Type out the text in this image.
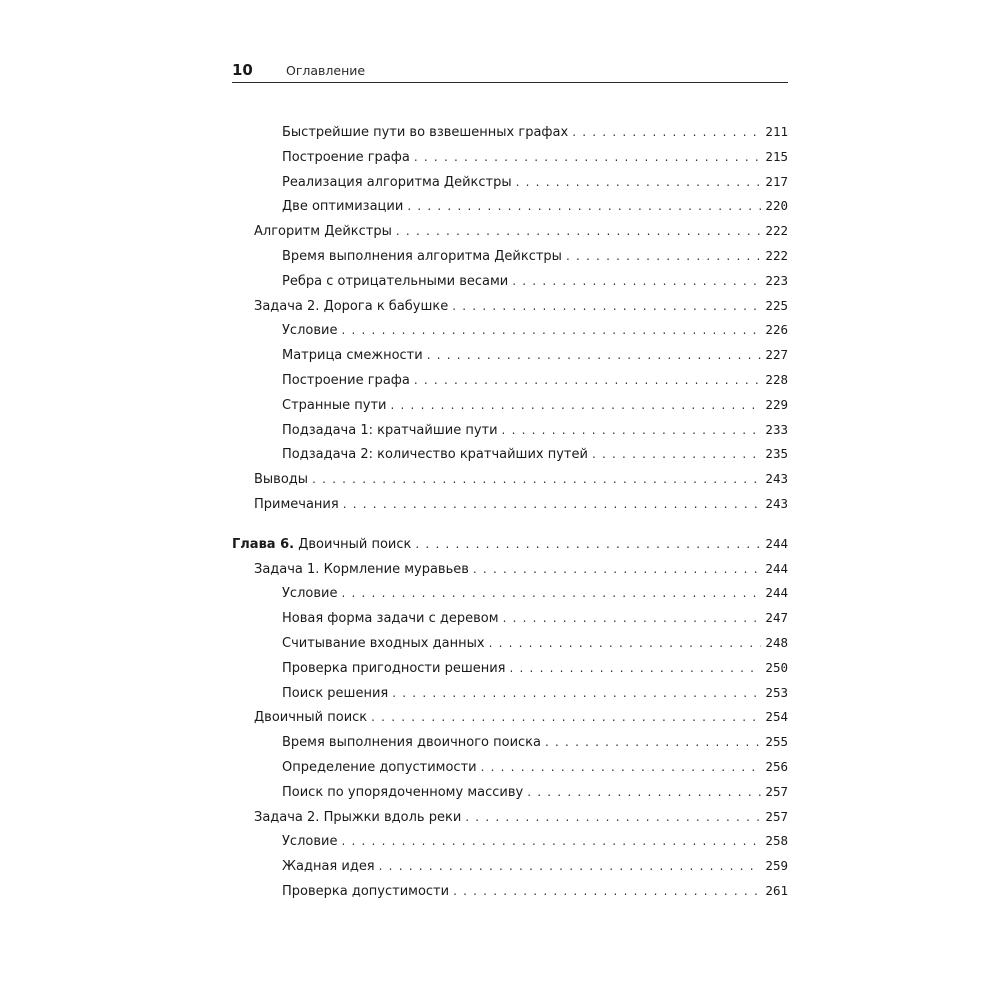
10	Оглавление
Быстрейшие пути во взвешенных графах . . .	211
Построение графа . . .	215
Реализация алгоритма Дейкстры . . .	217
Две оптимизации . . .	220
Алгоритм Дейкстры . . .	222
Время выполнения алгоритма Дейкстры . . .	222
Ребра с отрицательными весами . . .	223
Задача 2. Дорога к бабушке . . .	225
Условие . . .	226
Матрица смежности . . .	227
Построение графа . . .	228
Странные пути . . .	229
Подзадача 1: кратчайшие пути . . .	233
Подзадача 2: количество кратчайших путей . . .	235
Выводы . . .	243
Примечания . . .	243
Глава 6. Двоичный поиск . . .	244
Задача 1. Кормление муравьев . . .	244
Условие . . .	244
Новая форма задачи с деревом . . .	247
Считывание входных данных . . .	248
Проверка пригодности решения . . .	250
Поиск решения . . .	253
Двоичный поиск . . .	254
Время выполнения двоичного поиска . . .	255
Определение допустимости . . .	256
Поиск по упорядоченному массиву . . .	257
Задача 2. Прыжки вдоль реки . . .	257
Условие . . .	258
Жадная идея . . .	259
Проверка допустимости . . .	261
